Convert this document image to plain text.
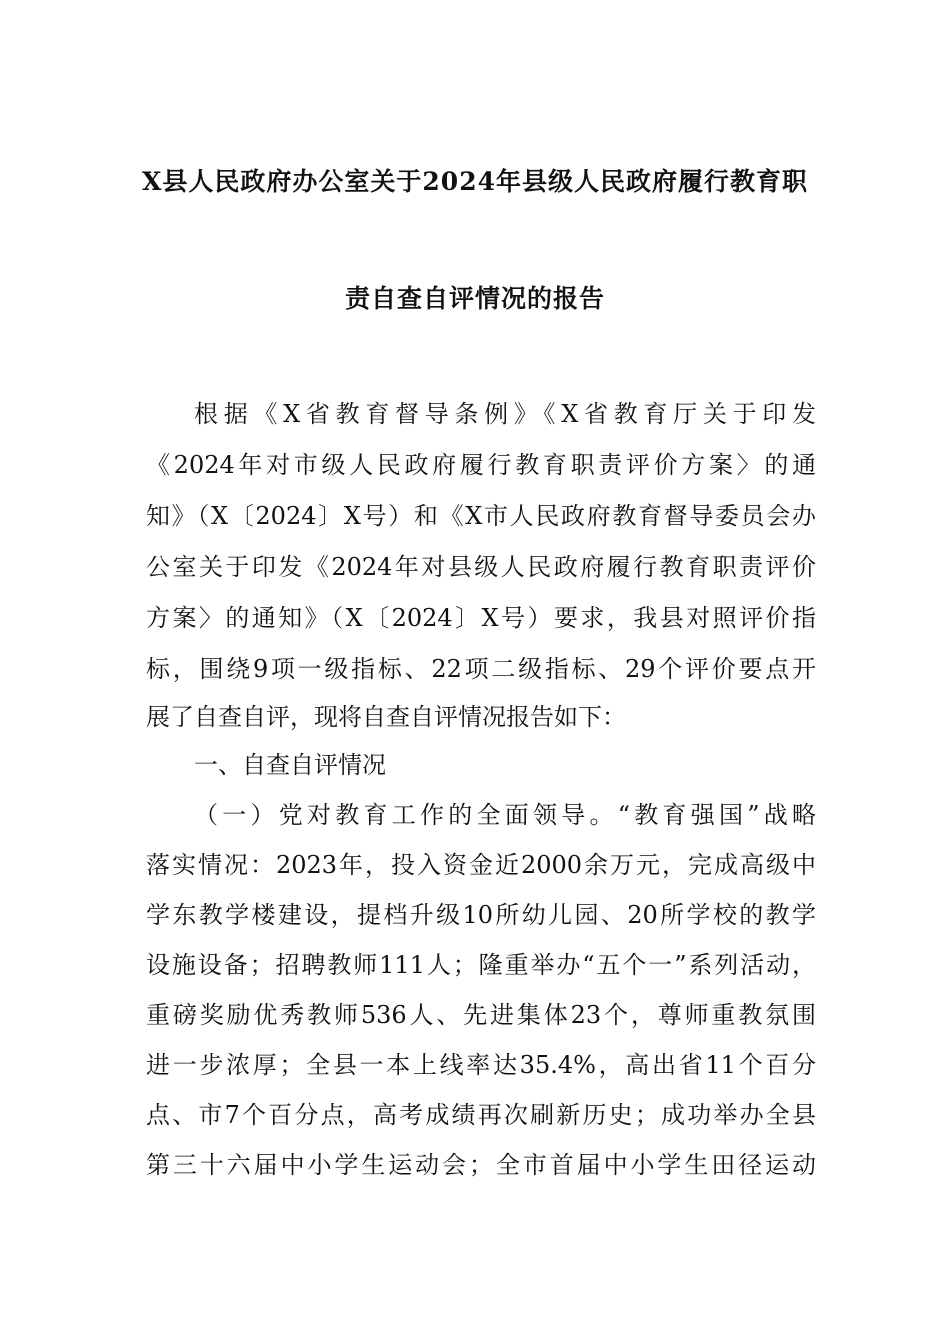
X县人民政府办公室关于2024年县级人民政府履行教育职
责自查自评情况的报告
根据《X省教育督导条例》《X省教育厅关于印发
《2024年对市级人民政府履行教育职责评价方案〉的通
知》（X〔2024〕X号）和《X市人民政府教育督导委员会办
公室关于印发《2024年对县级人民政府履行教育职责评价
方案〉的通知》（X〔2024〕X号）要求，我县对照评价指
标，围绕9项一级指标、22项二级指标、29个评价要点开
展了自查自评，现将自查自评情况报告如下：
一、自查自评情况
（一）党对教育工作的全面领导。“教育强国”战略
落实情况：2023年，投入资金近2000余万元，完成高级中
学东教学楼建设，提档升级10所幼儿园、20所学校的教学
设施设备；招聘教师111人；隆重举办“五个一”系列活动，
重磅奖励优秀教师536人、先进集体23个，尊师重教氛围
进一步浓厚；全县一本上线率达35.4%，高出省11个百分
点、市7个百分点，高考成绩再次刷新历史；成功举办全县
第三十六届中小学生运动会；全市首届中小学生田径运动
